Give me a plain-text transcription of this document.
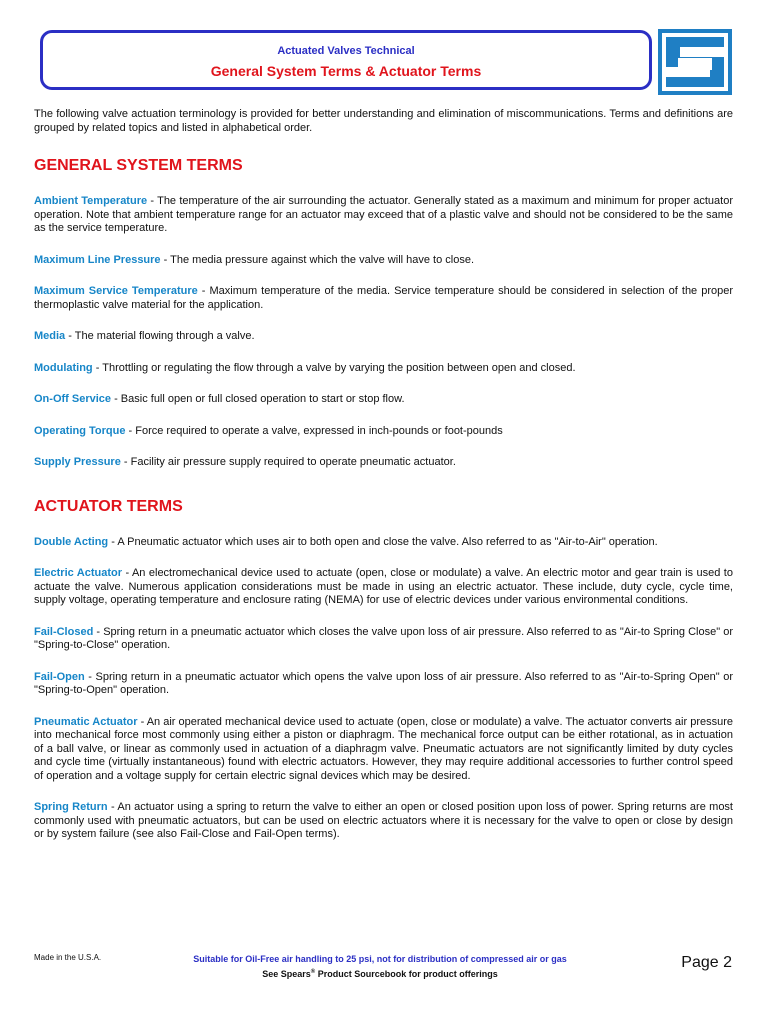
Actuated Valves Technical
General System Terms & Actuator Terms

The following valve actuation terminology is provided for better understanding and elimination of miscommunications. Terms and definitions are grouped by related topics and listed in alphabetical order.

GENERAL SYSTEM TERMS

Ambient Temperature - The temperature of the air surrounding the actuator. Generally stated as a maximum and minimum for proper actuator operation. Note that ambient temperature range for an actuator may exceed that of a plastic valve and should not be considered to be the same as the service temperature.

Maximum Line Pressure - The media pressure against which the valve will have to close.

Maximum Service Temperature - Maximum temperature of the media. Service temperature should be considered in selection of the proper thermoplastic valve material for the application.

Media - The material flowing through a valve.

Modulating - Throttling or regulating the flow through a valve by varying the position between open and closed.

On-Off Service - Basic full open or full closed operation to start or stop flow.

Operating Torque - Force required to operate a valve, expressed in inch-pounds or foot-pounds

Supply Pressure - Facility air pressure supply required to operate pneumatic actuator.

ACTUATOR TERMS

Double Acting - A Pneumatic actuator which uses air to both open and close the valve. Also referred to as "Air-to-Air" operation.

Electric Actuator - An electromechanical device used to actuate (open, close or modulate) a valve. An electric motor and gear train is used to actuate the valve. Numerous application considerations must be made in using an electric actuator. These include, duty cycle, cycle time, supply voltage, operating temperature and enclosure rating (NEMA) for use of electric devices under various environmental conditions.

Fail-Closed - Spring return in a pneumatic actuator which closes the valve upon loss of air pressure. Also referred to as "Air-to Spring Close" or "Spring-to-Close" operation.

Fail-Open - Spring return in a pneumatic actuator which opens the valve upon loss of air pressure. Also referred to as "Air-to-Spring Open" or "Spring-to-Open" operation.

Pneumatic Actuator - An air operated mechanical device used to actuate (open, close or modulate) a valve. The actuator converts air pressure into mechanical force most commonly using either a piston or diaphragm. The mechanical force output can be either rotational, as in actuation of a ball valve, or linear as commonly used in actuation of a diaphragm valve. Pneumatic actuators are not significantly limited by duty cycles and cycle time (virtually instantaneous) found with electric actuators. However, they may require additional accessories to further control speed of operation and a voltage supply for certain electric signal devices which may be desired.

Spring Return - An actuator using a spring to return the valve to either an open or closed position upon loss of power. Spring returns are most commonly used with pneumatic actuators, but can be used on electric actuators where it is necessary for the valve to open or close by design or by system failure (see also Fail-Close and Fail-Open terms).

Made in the U.S.A.	Suitable for Oil-Free air handling to 25 psi, not for distribution of compressed air or gas
See Spears® Product Sourcebook for product offerings
Page 2
